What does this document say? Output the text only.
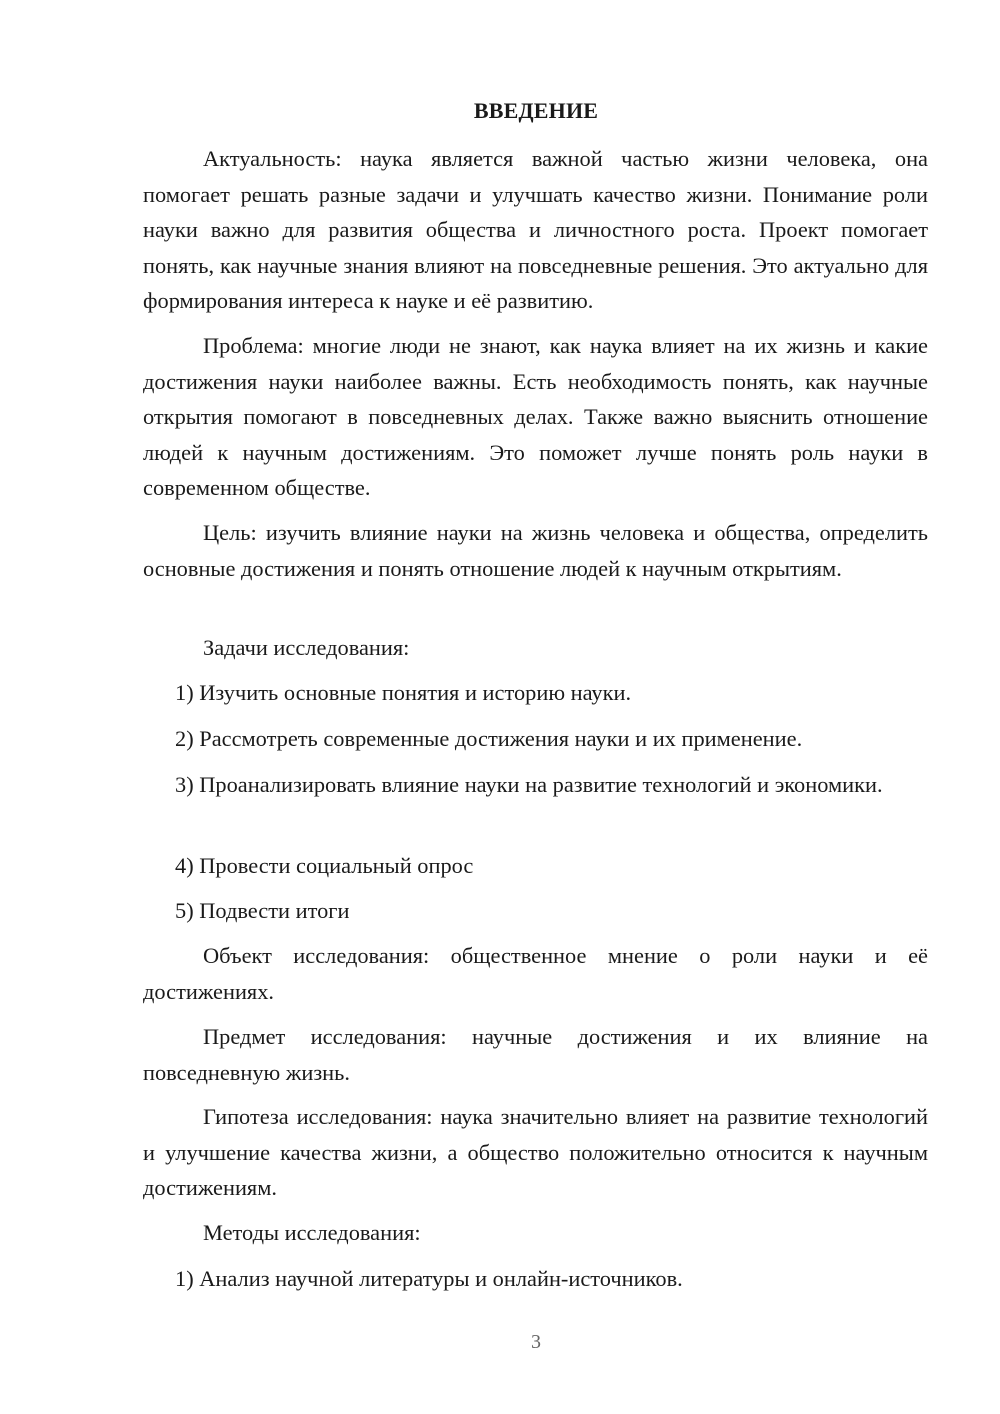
ВВЕДЕНИЕ

Актуальность: наука является важной частью жизни человека, она помогает решать разные задачи и улучшать качество жизни. Понимание роли науки важно для развития общества и личностного роста. Проект помогает понять, как научные знания влияют на повседневные решения. Это актуально для формирования интереса к науке и её развитию.

Проблема: многие люди не знают, как наука влияет на их жизнь и какие достижения науки наиболее важны. Есть необходимость понять, как научные открытия помогают в повседневных делах. Также важно выяснить отношение людей к научным достижениям. Это поможет лучше понять роль науки в современном обществе.

Цель: изучить влияние науки на жизнь человека и общества, определить основные достижения и понять отношение людей к научным открытиям.

Задачи исследования:

1) Изучить основные понятия и историю науки.

2) Рассмотреть современные достижения науки и их применение.

3) Проанализировать влияние науки на развитие технологий и экономики.

4) Провести социальный опрос

5) Подвести итоги

Объект исследования: общественное мнение о роли науки и её достижениях.

Предмет исследования: научные достижения и их влияние на повседневную жизнь.

Гипотеза исследования: наука значительно влияет на развитие технологий и улучшение качества жизни, а общество положительно относится к научным достижениям.

Методы исследования:

1) Анализ научной литературы и онлайн-источников.

3
